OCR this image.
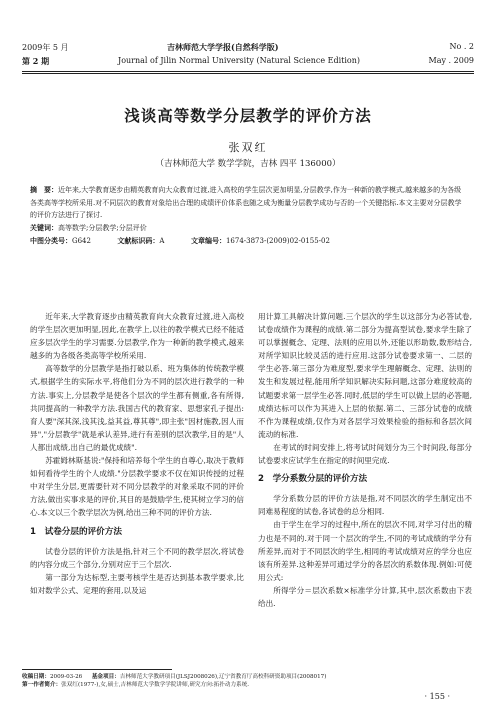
2009年 5 月	吉林师范大学学报(自然科学版)	No . 2
第 2 期	Journal of Jilin Normal University (Natural Science Edition)	May . 2009
浅谈高等数学分层教学的评价方法
张双红
（吉林师范大学 数学学院，吉林 四平 136000）
摘　要：近年来,大学教育逐步由精英教育向大众教育过渡,进入高校的学生层次更加明显,分层教学,作为一种新的教学模式,越来越多的为各级各类高等学校所采用.对不同层次的教育对象给出合理的成绩评价体系也随之成为衡量分层教学成功与否的一个关键指标.本文主要对分层教学的评价方法进行了探讨.
关键词：高等数学;分层教学;分层评价
中图分类号：G642	文献标识码：A	文章编号：1674-3873-(2009)02-0155-02

近年来,大学教育逐步由精英教育向大众教育过渡,进入高校的学生层次更加明显,因此,在教学上,以往的教学模式已经不能适应多层次学生的学习需要.分层教学,作为一种新的教学模式,越来越多的为各级各类高等学校所采用.

高等数学的分层教学是指打破以系、班为集体的传统教学模式,根据学生的实际水平,将他们分为不同的层次进行教学的一种方法.事实上,分层教学是使各个层次的学生都有侧重,各有所得,共同提高的一种教学方法.我国古代的教育家、思想家孔子提出:育人要"深其深,浅其浅,益其益,尊其尊",即主张"因材施教,因人而异","分层教学"就是承认差异,进行有差别的层次教学,目的是"人人都出成绩,出自己的最优成绩".

苏霍姆林斯基说:"保持和培养每个学生的自尊心,取决于教师如何看待学生的个人成绩."分层教学要求不仅在知识传授的过程中对学生分层,更需要针对不同分层教学的对象采取不同的评价方法,做出实事求是的评价,其目的是鼓励学生,使其树立学习的信心.本文以三个教学层次为例,给出三种不同的评价方法.

1　试卷分层的评价方法

试卷分层的评价方法是指,针对三个不同的教学层次,将试卷的内容分成三个部分,分别对应于三个层次.

第一部分为达标型,主要考核学生是否达到基本教学要求,比如对数学公式、定理的套用,以及运

用计算工具解决计算问题.三个层次的学生以这部分为必答试卷,试卷成绩作为课程的成绩.第二部分为提高型试卷,要求学生除了可以掌握概念、定理、法则的应用以外,还能以形助数,数形结合,对所学知识比较灵活的进行应用.这部分试卷要求第一、二层的学生必答.第三部分为难度型,要求学生理解概念、定理、法则的发生和发展过程,能用所学知识解决实际问题,这部分难度较高的试题要求第一层学生必答.同时,低层的学生可以做上层的必答题,成绩达标可以作为其进入上层的依据.第二、三部分试卷的成绩不作为课程成绩,仅作为对各层学习效果检验的指标和各层次间流动的标准.

在考试的时间安排上,将考试时间划分为三个时间段,每部分试卷要求应试学生在指定的时间里完成.

2　学分系数分层的评价方法

学分系数分层的评价方法是指,对不同层次的学生制定出不同难易程度的试卷,各试卷的总分相同.

由于学生在学习的过程中,所在的层次不同,对学习付出的精力也是不同的.对于同一个层次的学生,不同的考试成绩的学分有所差异,而对于不同层次的学生,相同的考试成绩对应的学分也应该有所差异.这种差异可通过学分的各层次的系数体现.例如:可使用公式:

所得学分＝层次系数×标准学分计算,其中,层次系数由下表给出.

收稿日期：2009-03-26 基金项目：吉林师范大学教研项目(JLSJ2008026),辽宁省教育厅高校科研资助项目(2008017)
第一作者简介：张双红(1977-),女,硕士,吉林师范大学数学学院讲师,研究方向:拓扑动力系统.
· 155 ·
